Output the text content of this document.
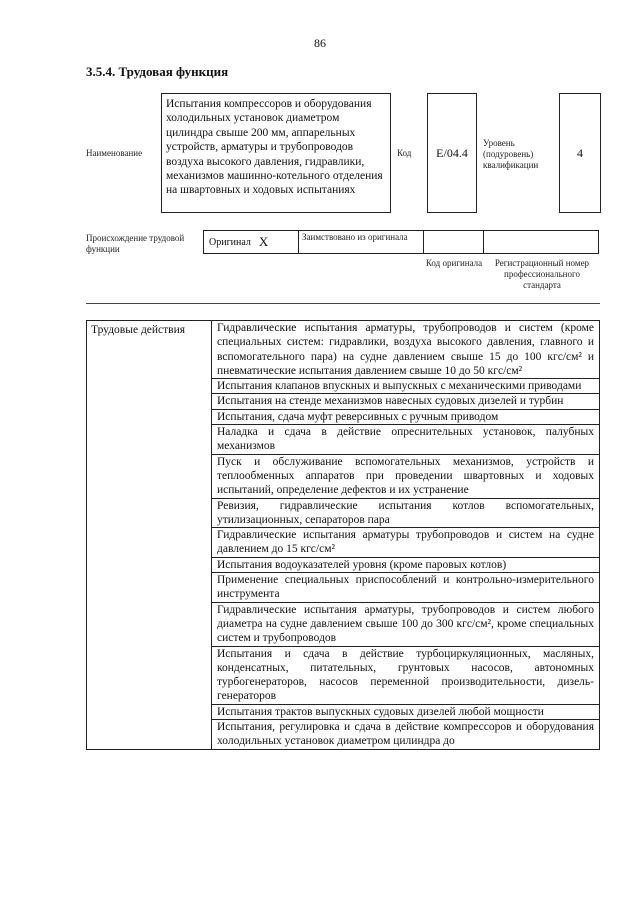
86
3.5.4. Трудовая функция
Наименование
Испытания компрессоров и оборудования холодильных установок диаметром цилиндра свыше 200 мм, аппарельных устройств, арматуры и трубопроводов воздуха высокого давления, гидравлики, механизмов машинно-котельного отделения на швартовных и ходовых испытаниях
Код	E/04.4
Уровень (подуровень) квалификации
4
Происхождение трудовой функции
Оригинал X	Заимствовано из оригинала
Код оригинала	Регистрационный номер профессионального стандарта
Трудовые действия	Гидравлические испытания арматуры, трубопроводов и систем (кроме специальных систем: гидравлики, воздуха высокого давления, главного и вспомогательного пара) на судне давлением свыше 15 до 100 кгс/см² и пневматические испытания давлением свыше 10 до 50 кгс/см²
Испытания клапанов впускных и выпускных с механическими приводами
Испытания на стенде механизмов навесных судовых дизелей и турбин
Испытания, сдача муфт реверсивных с ручным приводом
Наладка и сдача в действие опреснительных установок, палубных механизмов
Пуск и обслуживание вспомогательных механизмов, устройств и теплообменных аппаратов при проведении швартовных и ходовых испытаний, определение дефектов и их устранение
Ревизия, гидравлические испытания котлов вспомогательных, утилизационных, сепараторов пара
Гидравлические испытания арматуры трубопроводов и систем на судне давлением до 15 кгс/см²
Испытания водоуказателей уровня (кроме паровых котлов)
Применение специальных приспособлений и контрольно-измерительного инструмента
Гидравлические испытания арматуры, трубопроводов и систем любого диаметра на судне давлением свыше 100 до 300 кгс/см², кроме специальных систем и трубопроводов
Испытания и сдача в действие турбоциркуляционных, масляных, конденсатных, питательных, грунтовых насосов, автономных турбогенераторов, насосов переменной производительности, дизель-генераторов
Испытания трактов выпускных судовых дизелей любой мощности
Испытания, регулировка и сдача в действие компрессоров и оборудования холодильных установок диаметром цилиндра до
